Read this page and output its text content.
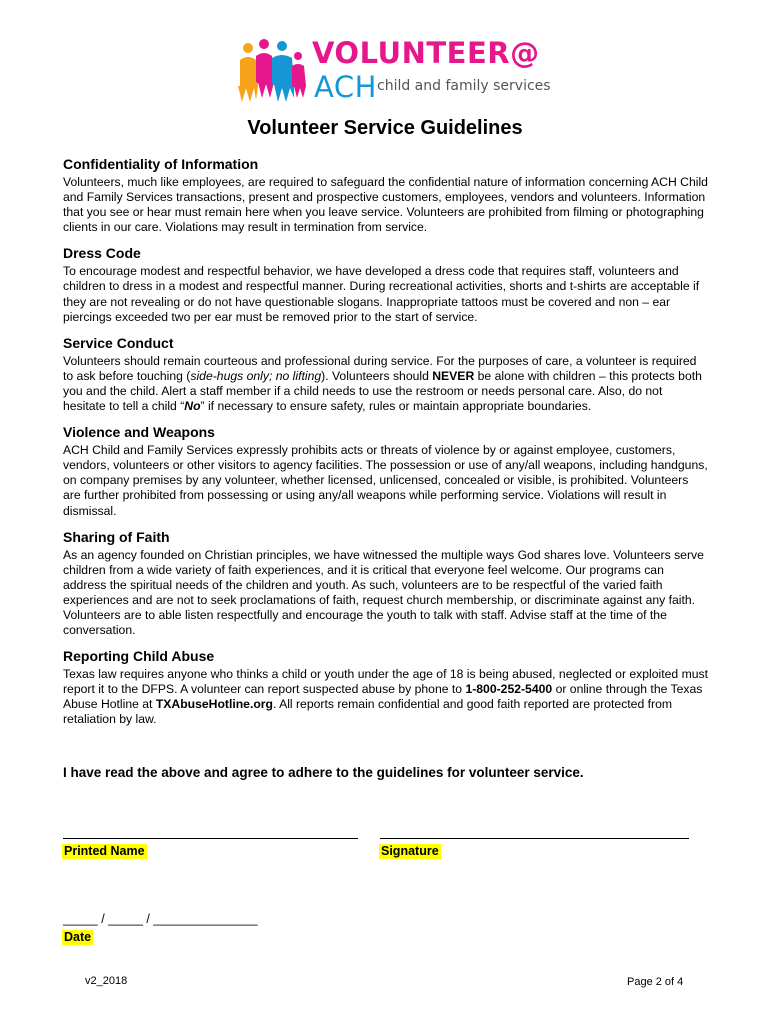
VOLUNTEER@
ACH child and family services
Volunteer Service Guidelines
Confidentiality of Information

Volunteers, much like employees, are required to safeguard the confidential nature of information concerning ACH Child and Family Services transactions, present and prospective customers, employees, vendors and volunteers. Information that you see or hear must remain here when you leave service. Volunteers are prohibited from filming or photographing clients in our care. Violations may result in termination from service.

Dress Code

To encourage modest and respectful behavior, we have developed a dress code that requires staff, volunteers and children to dress in a modest and respectful manner. During recreational activities, shorts and t-shirts are acceptable if they are not revealing or do not have questionable slogans. Inappropriate tattoos must be covered and non – ear piercings exceeded two per ear must be removed prior to the start of service.

Service Conduct

Volunteers should remain courteous and professional during service. For the purposes of care, a volunteer is required to ask before touching (side-hugs only; no lifting). Volunteers should NEVER be alone with children – this protects both you and the child. Alert a staff member if a child needs to use the restroom or needs personal care. Also, do not hesitate to tell a child “No” if necessary to ensure safety, rules or maintain appropriate boundaries.

Violence and Weapons

ACH Child and Family Services expressly prohibits acts or threats of violence by or against employee, customers, vendors, volunteers or other visitors to agency facilities. The possession or use of any/all weapons, including handguns, on company premises by any volunteer, whether licensed, unlicensed, concealed or visible, is prohibited. Volunteers are further prohibited from possessing or using any/all weapons while performing service. Violations will result in dismissal.

Sharing of Faith

As an agency founded on Christian principles, we have witnessed the multiple ways God shares love. Volunteers serve children from a wide variety of faith experiences, and it is critical that everyone feel welcome. Our programs can address the spiritual needs of the children and youth. As such, volunteers are to be respectful of the varied faith experiences and are not to seek proclamations of faith, request church membership, or discriminate against any faith. Volunteers are to able listen respectfully and encourage the youth to talk with staff. Advise staff at the time of the conversation.

Reporting Child Abuse

Texas law requires anyone who thinks a child or youth under the age of 18 is being abused, neglected or exploited must report it to the DFPS. A volunteer can report suspected abuse by phone to 1-800-252-5400 or online through the Texas Abuse Hotline at TXAbuseHotline.org. All reports remain confidential and good faith reported are protected from retaliation by law.

I have read the above and agree to adhere to the guidelines for volunteer service.
Printed Name	Signature
_____ / _____ / _______________
Date
v2_2018	Page 2 of 4
